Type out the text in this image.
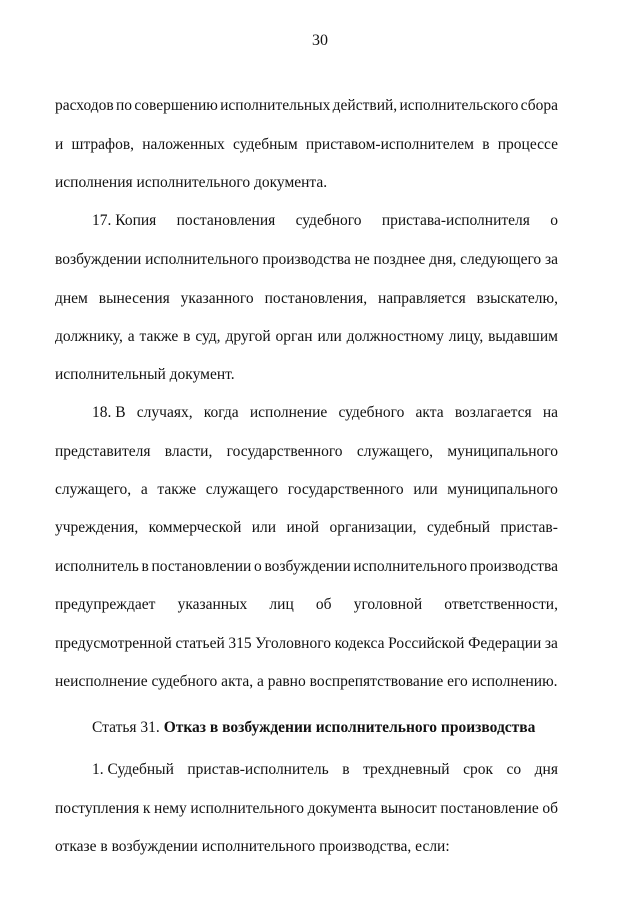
30
расходов по совершению исполнительных действий, исполнительского сбора
и штрафов, наложенных судебным приставом-исполнителем в процессе
исполнения исполнительного документа.
17. Копия постановления судебного пристава-исполнителя о
возбуждении исполнительного производства не позднее дня, следующего за
днем вынесения указанного постановления, направляется взыскателю,
должнику, а также в суд, другой орган или должностному лицу, выдавшим
исполнительный документ.
18. В случаях, когда исполнение судебного акта возлагается на
представителя власти, государственного служащего, муниципального
служащего, а также служащего государственного или муниципального
учреждения, коммерческой или иной организации, судебный пристав-
исполнитель в постановлении о возбуждении исполнительного производства
предупреждает указанных лиц об уголовной ответственности,
предусмотренной статьей 315 Уголовного кодекса Российской Федерации за
неисполнение судебного акта, а равно воспрепятствование его исполнению.
Статья 31. Отказ в возбуждении исполнительного производства
1. Судебный пристав-исполнитель в трехдневный срок со дня
поступления к нему исполнительного документа выносит постановление об
отказе в возбуждении исполнительного производства, если:
